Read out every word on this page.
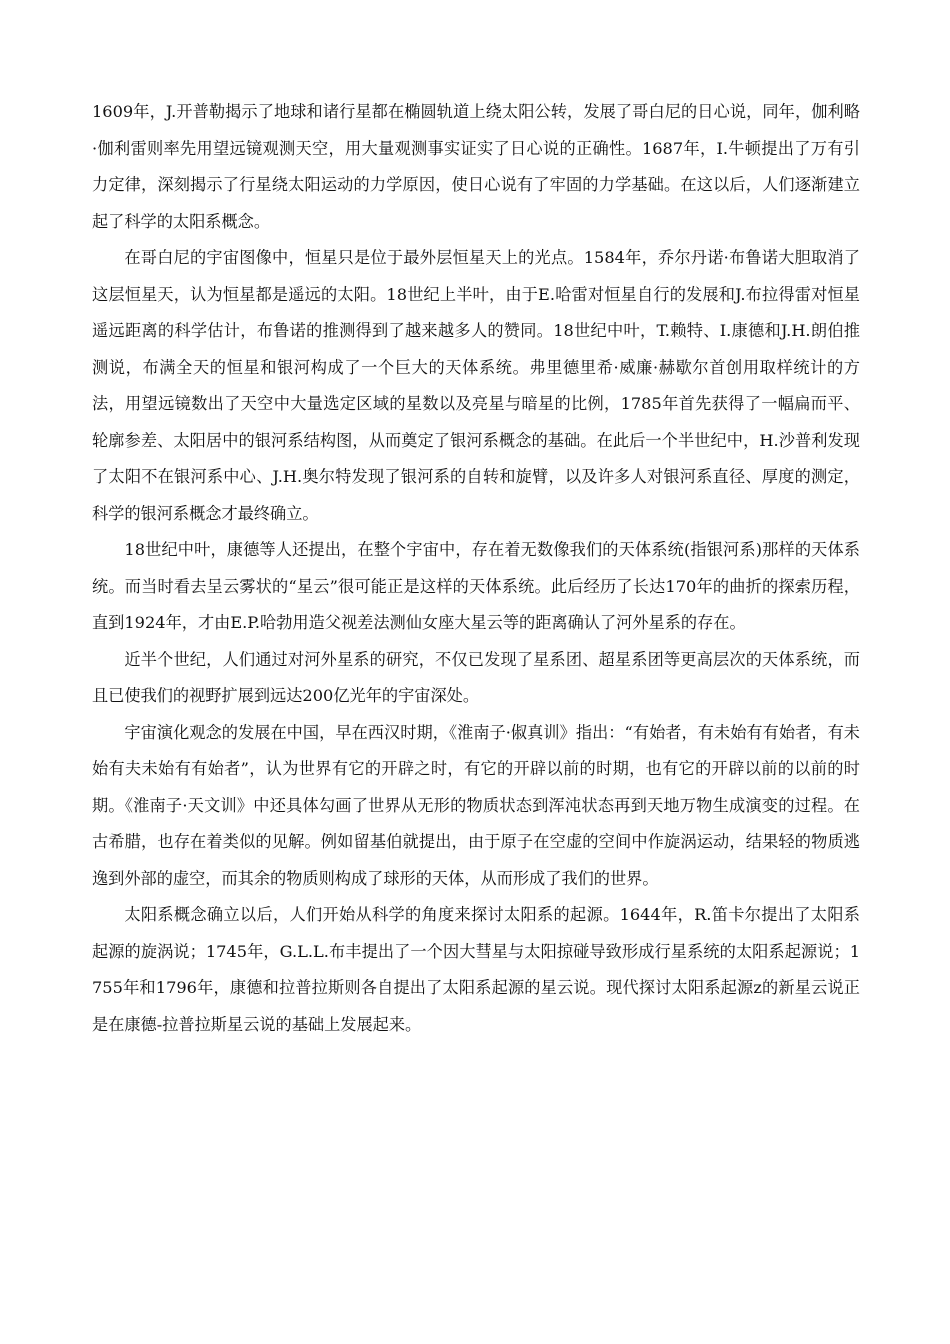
1609年，J.开普勒揭示了地球和诸行星都在椭圆轨道上绕太阳公转，发展了哥白尼的日心说，同年，伽利略·伽利雷则率先用望远镜观测天空，用大量观测事实证实了日心说的正确性。1687年，I.牛顿提出了万有引力定律，深刻揭示了行星绕太阳运动的力学原因，使日心说有了牢固的力学基础。在这以后，人们逐渐建立起了科学的太阳系概念。

在哥白尼的宇宙图像中，恒星只是位于最外层恒星天上的光点。1584年，乔尔丹诺·布鲁诺大胆取消了这层恒星天，认为恒星都是遥远的太阳。18世纪上半叶，由于E.哈雷对恒星自行的发展和J.布拉得雷对恒星遥远距离的科学估计，布鲁诺的推测得到了越来越多人的赞同。18世纪中叶，T.赖特、I.康德和J.H.朗伯推测说，布满全天的恒星和银河构成了一个巨大的天体系统。弗里德里希·威廉·赫歇尔首创用取样统计的方法，用望远镜数出了天空中大量选定区域的星数以及亮星与暗星的比例，1785年首先获得了一幅扁而平、轮廓参差、太阳居中的银河系结构图，从而奠定了银河系概念的基础。在此后一个半世纪中，H.沙普利发现了太阳不在银河系中心、J.H.奥尔特发现了银河系的自转和旋臂，以及许多人对银河系直径、厚度的测定，科学的银河系概念才最终确立。

18世纪中叶，康德等人还提出，在整个宇宙中，存在着无数像我们的天体系统(指银河系)那样的天体系统。而当时看去呈云雾状的“星云”很可能正是这样的天体系统。此后经历了长达170年的曲折的探索历程，直到1924年，才由E.P.哈勃用造父视差法测仙女座大星云等的距离确认了河外星系的存在。

近半个世纪，人们通过对河外星系的研究，不仅已发现了星系团、超星系团等更高层次的天体系统，而且已使我们的视野扩展到远达200亿光年的宇宙深处。

宇宙演化观念的发展在中国，早在西汉时期，《淮南子·俶真训》指出：“有始者，有未始有有始者，有未始有夫未始有有始者”，认为世界有它的开辟之时，有它的开辟以前的时期，也有它的开辟以前的以前的时期。《淮南子·天文训》中还具体勾画了世界从无形的物质状态到浑沌状态再到天地万物生成演变的过程。在古希腊，也存在着类似的见解。例如留基伯就提出，由于原子在空虚的空间中作旋涡运动，结果轻的物质逃逸到外部的虚空，而其余的物质则构成了球形的天体，从而形成了我们的世界。

太阳系概念确立以后，人们开始从科学的角度来探讨太阳系的起源。1644年，R.笛卡尔提出了太阳系起源的旋涡说；1745年，G.L.L.布丰提出了一个因大彗星与太阳掠碰导致形成行星系统的太阳系起源说；1755年和1796年，康德和拉普拉斯则各自提出了太阳系起源的星云说。现代探讨太阳系起源z的新星云说正是在康德-拉普拉斯星云说的基础上发展起来。
